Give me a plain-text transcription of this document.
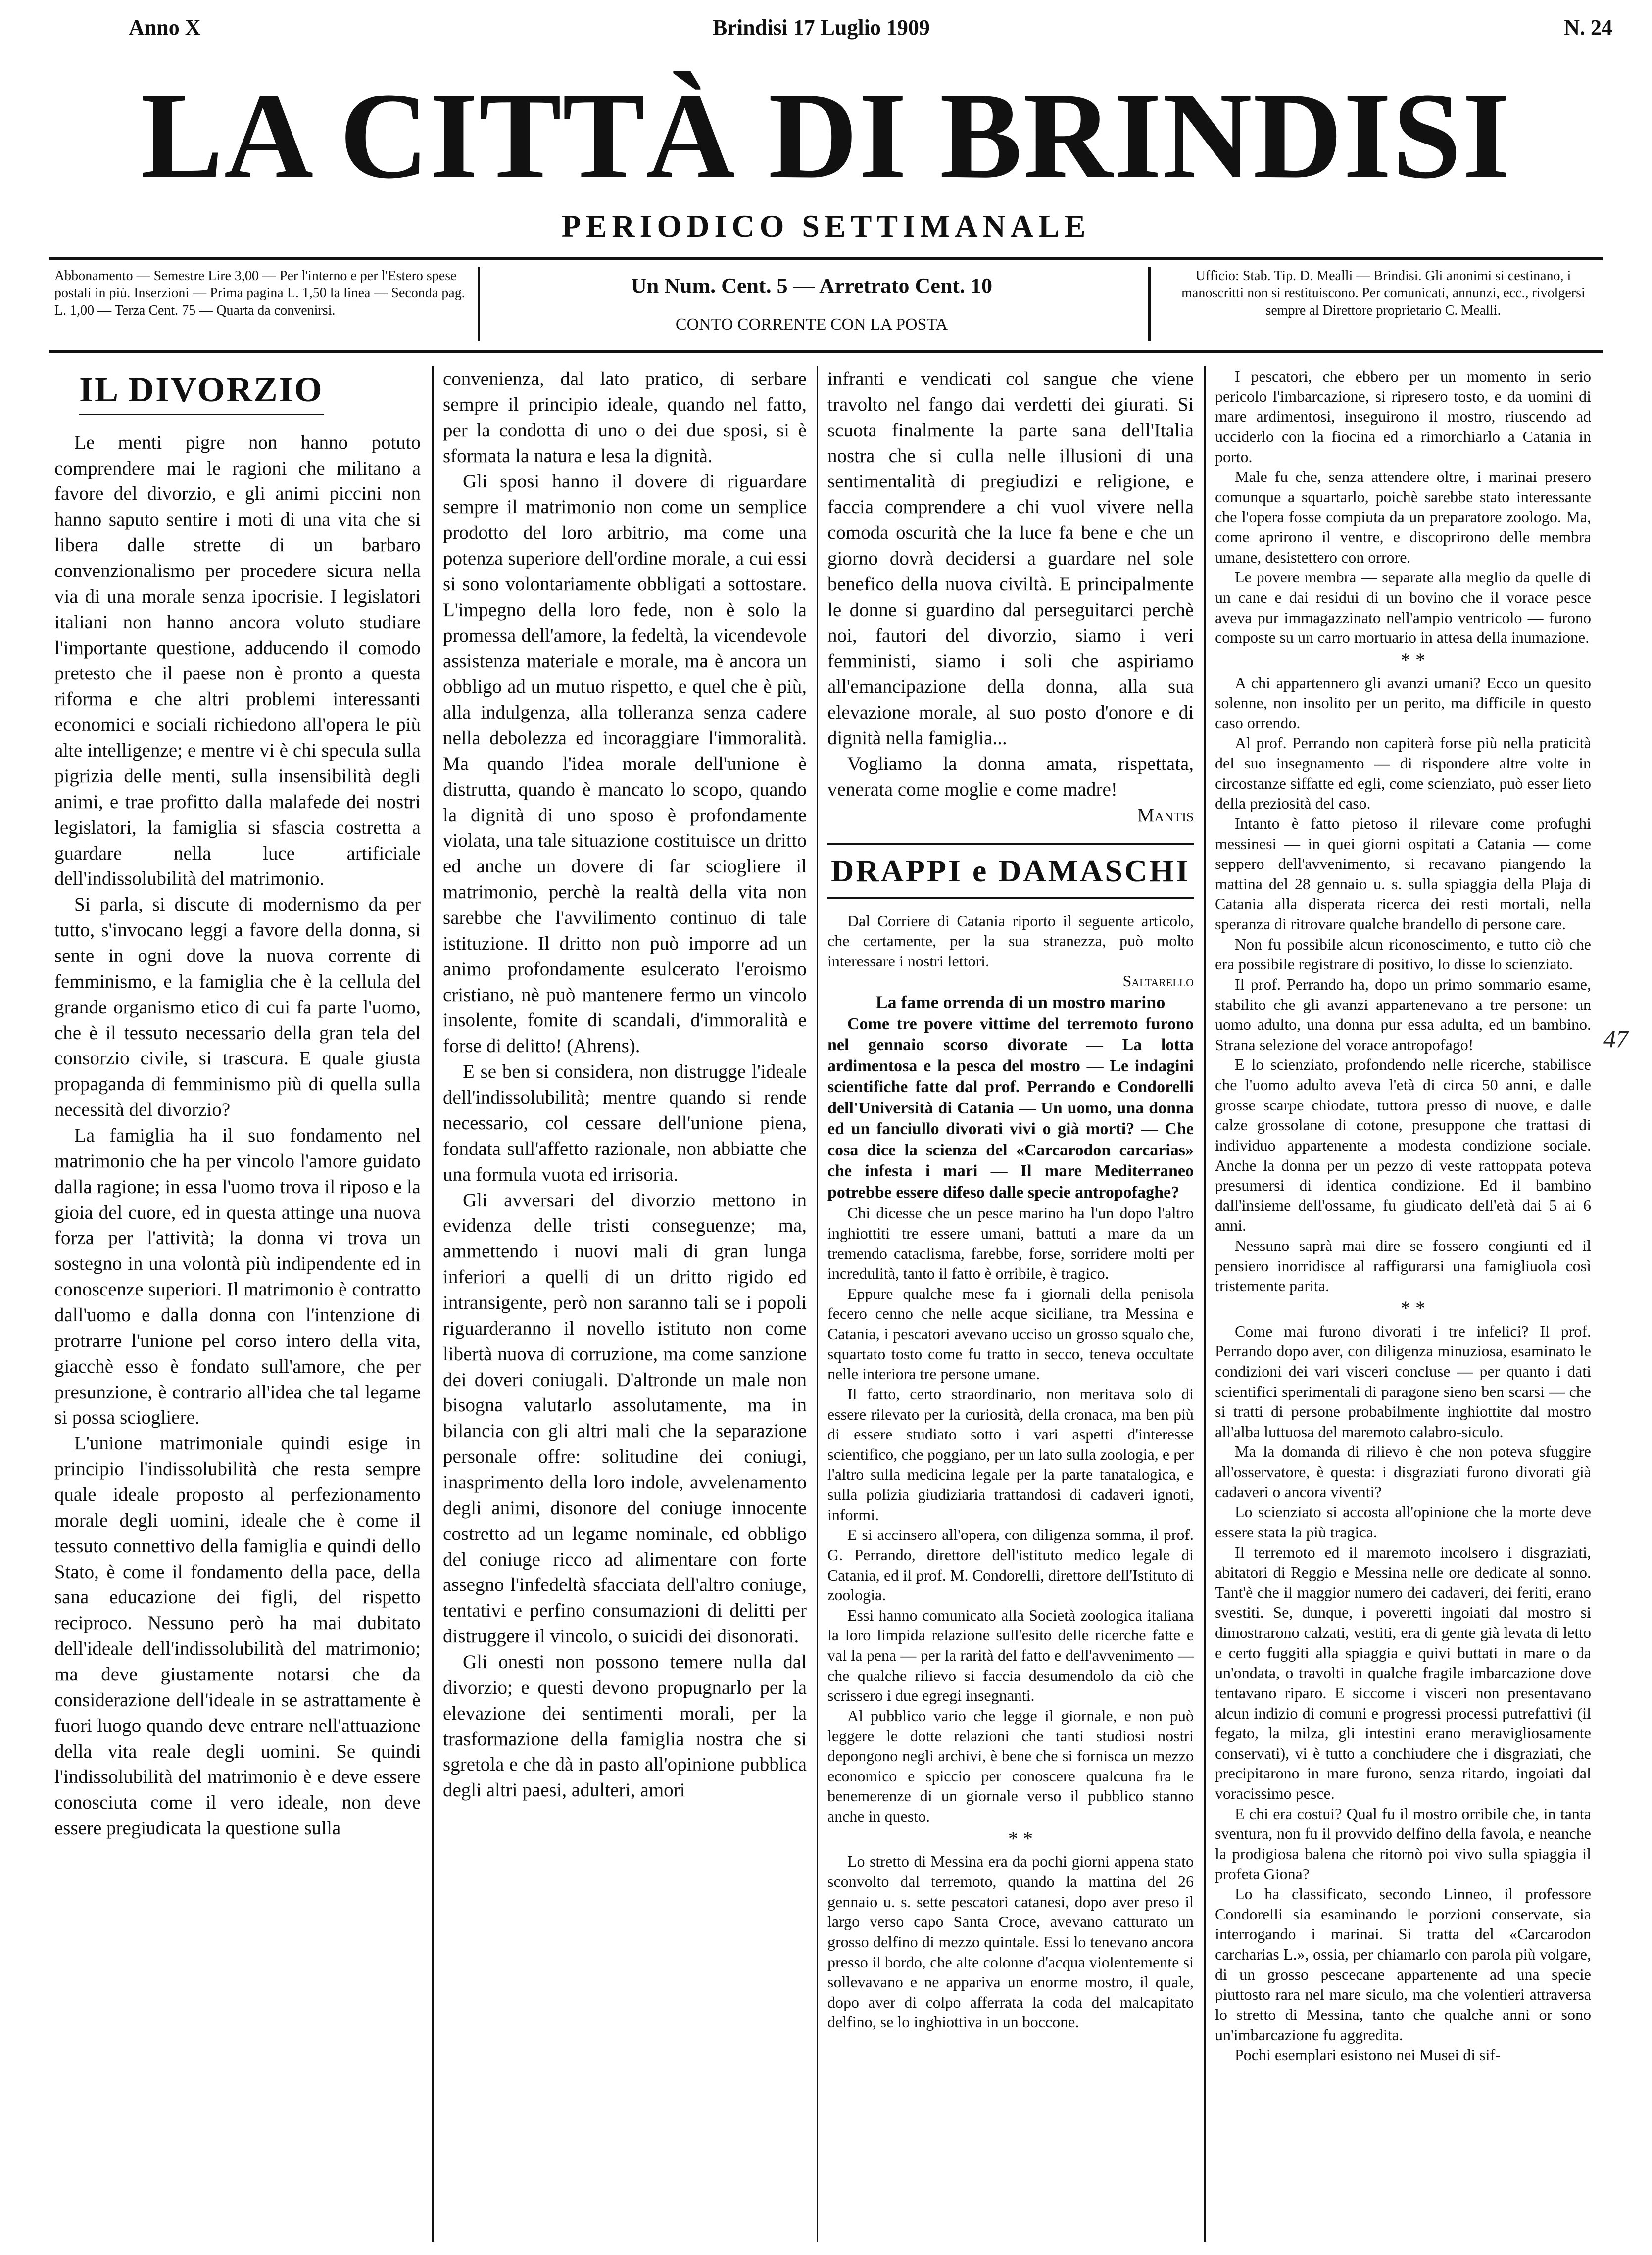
Anno X	Brindisi 17 Luglio 1909	N. 24
LA CITTÀ DI BRINDISI
PERIODICO SETTIMANALE
Abbonamento — Semestre Lire 3,00 — Per l'interno e per l'Estero spese postali in più. Inserzioni — Prima pagina L. 1,50 la linea — Seconda pag. L. 1,00 — Terza Cent. 75 — Quarta da convenirsi.
Un Num. Cent. 5 — Arretrato Cent. 10
CONTO CORRENTE CON LA POSTA
Ufficio: Stab. Tip. D. Mealli — Brindisi. Gli anonimi si cestinano, i manoscritti non si restituiscono. Per comunicati, annunzi, ecc., rivolgersi sempre al Direttore proprietario C. Mealli.
IL DIVORZIO

Le menti pigre non hanno potuto comprendere mai le ragioni che militano a favore del divorzio, e gli animi piccini non hanno saputo sentire i moti di una vita che si libera dalle strette di un barbaro convenzionalismo per procedere sicura nella via di una morale senza ipocrisie. I legislatori italiani non hanno ancora voluto studiare l'importante questione, adducendo il comodo pretesto che il paese non è pronto a questa riforma e che altri problemi interessanti economici e sociali richiedono all'opera le più alte intelligenze; e mentre vi è chi specula sulla pigrizia delle menti, sulla insensibilità degli animi, e trae profitto dalla malafede dei nostri legislatori, la famiglia si sfascia costretta a guardare nella luce artificiale dell'indissolubilità del matrimonio.

Si parla, si discute di modernismo da per tutto, s'invocano leggi a favore della donna, si sente in ogni dove la nuova corrente di femminismo, e la famiglia che è la cellula del grande organismo etico di cui fa parte l'uomo, che è il tessuto necessario della gran tela del consorzio civile, si trascura. E quale giusta propaganda di femminismo più di quella sulla necessità del divorzio?

La famiglia ha il suo fondamento nel matrimonio che ha per vincolo l'amore guidato dalla ragione; in essa l'uomo trova il riposo e la gioia del cuore, ed in questa attinge una nuova forza per l'attività; la donna vi trova un sostegno in una volontà più indipendente ed in conoscenze superiori. Il matrimonio è contratto dall'uomo e dalla donna con l'intenzione di protrarre l'unione pel corso intero della vita, giacchè esso è fondato sull'amore, che per presunzione, è contrario all'idea che tal legame si possa sciogliere.

L'unione matrimoniale quindi esige in principio l'indissolubilità che resta sempre quale ideale proposto al perfezionamento morale degli uomini, ideale che è come il tessuto connettivo della famiglia e quindi dello Stato, è come il fondamento della pace, della sana educazione dei figli, del rispetto reciproco. Nessuno però ha mai dubitato dell'ideale dell'indissolubilità del matrimonio; ma deve giustamente notarsi che da considerazione dell'ideale in se astrattamente è fuori luogo quando deve entrare nell'attuazione della vita reale degli uomini. Se quindi l'indissolubilità del matrimonio è e deve essere conosciuta come il vero ideale, non deve essere pregiudicata la questione sulla

convenienza, dal lato pratico, di serbare sempre il principio ideale, quando nel fatto, per la condotta di uno o dei due sposi, si è sformata la natura e lesa la dignità.

Gli sposi hanno il dovere di riguardare sempre il matrimonio non come un semplice prodotto del loro arbitrio, ma come una potenza superiore dell'ordine morale, a cui essi si sono volontariamente obbligati a sottostare. L'impegno della loro fede, non è solo la promessa dell'amore, la fedeltà, la vicendevole assistenza materiale e morale, ma è ancora un obbligo ad un mutuo rispetto, e quel che è più, alla indulgenza, alla tolleranza senza cadere nella debolezza ed incoraggiare l'immoralità. Ma quando l'idea morale dell'unione è distrutta, quando è mancato lo scopo, quando la dignità di uno sposo è profondamente violata, una tale situazione costituisce un dritto ed anche un dovere di far sciogliere il matrimonio, perchè la realtà della vita non sarebbe che l'avvilimento continuo di tale istituzione. Il dritto non può imporre ad un animo profondamente esulcerato l'eroismo cristiano, nè può mantenere fermo un vincolo insolente, fomite di scandali, d'immoralità e forse di delitto! (Ahrens).

E se ben si considera, non distrugge l'ideale dell'indissolubilità; mentre quando si rende necessario, col cessare dell'unione piena, fondata sull'affetto razionale, non abbiatte che una formula vuota ed irrisoria.

Gli avversari del divorzio mettono in evidenza delle tristi conseguenze; ma, ammettendo i nuovi mali di gran lunga inferiori a quelli di un dritto rigido ed intransigente, però non saranno tali se i popoli riguarderanno il novello istituto non come libertà nuova di corruzione, ma come sanzione dei doveri coniugali. D'altronde un male non bisogna valutarlo assolutamente, ma in bilancia con gli altri mali che la separazione personale offre: solitudine dei coniugi, inasprimento della loro indole, avvelenamento degli animi, disonore del coniuge innocente costretto ad un legame nominale, ed obbligo del coniuge ricco ad alimentare con forte assegno l'infedeltà sfacciata dell'altro coniuge, tentativi e perfino consumazioni di delitti per distruggere il vincolo, o suicidi dei disonorati.

Gli onesti non possono temere nulla dal divorzio; e questi devono propugnarlo per la elevazione dei sentimenti morali, per la trasformazione della famiglia nostra che si sgretola e che dà in pasto all'opinione pubblica degli altri paesi, adulteri, amori

infranti e vendicati col sangue che viene travolto nel fango dai verdetti dei giurati. Si scuota finalmente la parte sana dell'Italia nostra che si culla nelle illusioni di una sentimentalità di pregiudizi e religione, e faccia comprendere a chi vuol vivere nella comoda oscurità che la luce fa bene e che un giorno dovrà decidersi a guardare nel sole benefico della nuova civiltà. E principalmente le donne si guardino dal perseguitarci perchè noi, fautori del divorzio, siamo i veri femministi, siamo i soli che aspiriamo all'emancipazione della donna, alla sua elevazione morale, al suo posto d'onore e di dignità nella famiglia...

Vogliamo la donna amata, rispettata, venerata come moglie e come madre!

Mantis

DRAPPI e DAMASCHI

Dal Corriere di Catania riporto il seguente articolo, che certamente, per la sua stranezza, può molto interessare i nostri lettori.

Saltarello

La fame orrenda di un mostro marino

Come tre povere vittime del terremoto furono nel gennaio scorso divorate — La lotta ardimentosa e la pesca del mostro — Le indagini scientifiche fatte dal prof. Perrando e Condorelli dell'Università di Catania — Un uomo, una donna ed un fanciullo divorati vivi o già morti? — Che cosa dice la scienza del «Carcarodon carcarias» che infesta i mari — Il mare Mediterraneo potrebbe essere difeso dalle specie antropofaghe?

Chi dicesse che un pesce marino ha l'un dopo l'altro inghiottiti tre essere umani, battuti a mare da un tremendo cataclisma, farebbe, forse, sorridere molti per incredulità, tanto il fatto è orribile, è tragico.

Eppure qualche mese fa i giornali della penisola fecero cenno che nelle acque siciliane, tra Messina e Catania, i pescatori avevano ucciso un grosso squalo che, squartato tosto come fu tratto in secco, teneva occultate nelle interiora tre persone umane.

Il fatto, certo straordinario, non meritava solo di essere rilevato per la curiosità, della cronaca, ma ben più di essere studiato sotto i vari aspetti d'interesse scientifico, che poggiano, per un lato sulla zoologia, e per l'altro sulla medicina legale per la parte tanatalogica, e sulla polizia giudiziaria trattandosi di cadaveri ignoti, informi.

E si accinsero all'opera, con diligenza somma, il prof. G. Perrando, direttore dell'istituto medico legale di Catania, ed il prof. M. Condorelli, direttore dell'Istituto di zoologia.

Essi hanno comunicato alla Società zoologica italiana la loro limpida relazione sull'esito delle ricerche fatte e val la pena — per la rarità del fatto e dell'avvenimento — che qualche rilievo si faccia desumendolo da ciò che scrissero i due egregi insegnanti.

Al pubblico vario che legge il giornale, e non può leggere le dotte relazioni che tanti studiosi nostri depongono negli archivi, è bene che si fornisca un mezzo economico e spiccio per conoscere qualcuna fra le benemerenze di un giornale verso il pubblico stanno anche in questo.

* *

Lo stretto di Messina era da pochi giorni appena stato sconvolto dal terremoto, quando la mattina del 26 gennaio u. s. sette pescatori catanesi, dopo aver preso il largo verso capo Santa Croce, avevano catturato un grosso delfino di mezzo quintale. Essi lo tenevano ancora presso il bordo, che alte colonne d'acqua violentemente si sollevavano e ne appariva un enorme mostro, il quale, dopo aver di colpo afferrata la coda del malcapitato delfino, se lo inghiottiva in un boccone.

I pescatori, che ebbero per un momento in serio pericolo l'imbarcazione, si ripresero tosto, e da uomini di mare ardimentosi, inseguirono il mostro, riuscendo ad ucciderlo con la fiocina ed a rimorchiarlo a Catania in porto.

Male fu che, senza attendere oltre, i marinai presero comunque a squartarlo, poichè sarebbe stato interessante che l'opera fosse compiuta da un preparatore zoologo. Ma, come aprirono il ventre, e discoprirono delle membra umane, desistettero con orrore.

Le povere membra — separate alla meglio da quelle di un cane e dai residui di un bovino che il vorace pesce aveva pur immagazzinato nell'ampio ventricolo — furono composte su un carro mortuario in attesa della inumazione.

* *

A chi appartennero gli avanzi umani? Ecco un quesito solenne, non insolito per un perito, ma difficile in questo caso orrendo.

Al prof. Perrando non capiterà forse più nella praticità del suo insegnamento — di rispondere altre volte in circostanze siffatte ed egli, come scienziato, può esser lieto della preziosità del caso.

Intanto è fatto pietoso il rilevare come profughi messinesi — in quei giorni ospitati a Catania — come seppero dell'avvenimento, si recavano piangendo la mattina del 28 gennaio u. s. sulla spiaggia della Plaja di Catania alla disperata ricerca dei resti mortali, nella speranza di ritrovare qualche brandello di persone care.

Non fu possibile alcun riconoscimento, e tutto ciò che era possibile registrare di positivo, lo disse lo scienziato.

Il prof. Perrando ha, dopo un primo sommario esame, stabilito che gli avanzi appartenevano a tre persone: un uomo adulto, una donna pur essa adulta, ed un bambino. Strana selezione del vorace antropofago!

E lo scienziato, profondendo nelle ricerche, stabilisce che l'uomo adulto aveva l'età di circa 50 anni, e dalle grosse scarpe chiodate, tuttora presso di nuove, e dalle calze grossolane di cotone, presuppone che trattasi di individuo appartenente a modesta condizione sociale. Anche la donna per un pezzo di veste rattoppata poteva presumersi di identica condizione. Ed il bambino dall'insieme dell'ossame, fu giudicato dell'età dai 5 ai 6 anni.

Nessuno saprà mai dire se fossero congiunti ed il pensiero inorridisce al raffigurarsi una famigliuola così tristemente parita.

* *

Come mai furono divorati i tre infelici? Il prof. Perrando dopo aver, con diligenza minuziosa, esaminato le condizioni dei vari visceri concluse — per quanto i dati scientifici sperimentali di paragone sieno ben scarsi — che si tratti di persone probabilmente inghiottite dal mostro all'alba luttuosa del maremoto calabro-siculo.

Ma la domanda di rilievo è che non poteva sfuggire all'osservatore, è questa: i disgraziati furono divorati già cadaveri o ancora viventi?

Lo scienziato si accosta all'opinione che la morte deve essere stata la più tragica.

Il terremoto ed il maremoto incolsero i disgraziati, abitatori di Reggio e Messina nelle ore dedicate al sonno. Tant'è che il maggior numero dei cadaveri, dei feriti, erano svestiti. Se, dunque, i poveretti ingoiati dal mostro si dimostrarono calzati, vestiti, era di gente già levata di letto e certo fuggiti alla spiaggia e quivi buttati in mare o da un'ondata, o travolti in qualche fragile imbarcazione dove tentavano riparo. E siccome i visceri non presentavano alcun indizio di comuni e progressi processi putrefattivi (il fegato, la milza, gli intestini erano meravigliosamente conservati), vi è tutto a conchiudere che i disgraziati, che precipitarono in mare furono, senza ritardo, ingoiati dal voracissimo pesce.

E chi era costui? Qual fu il mostro orribile che, in tanta sventura, non fu il provvido delfino della favola, e neanche la prodigiosa balena che ritornò poi vivo sulla spiaggia il profeta Giona?

Lo ha classificato, secondo Linneo, il professore Condorelli sia esaminando le porzioni conservate, sia interrogando i marinai. Si tratta del «Carcarodon carcharias L.», ossia, per chiamarlo con parola più volgare, di un grosso pescecane appartenente ad una specie piuttosto rara nel mare siculo, ma che volentieri attraversa lo stretto di Messina, tanto che qualche anni or sono un'imbarcazione fu aggredita.

Pochi esemplari esistono nei Musei di sif-

47
